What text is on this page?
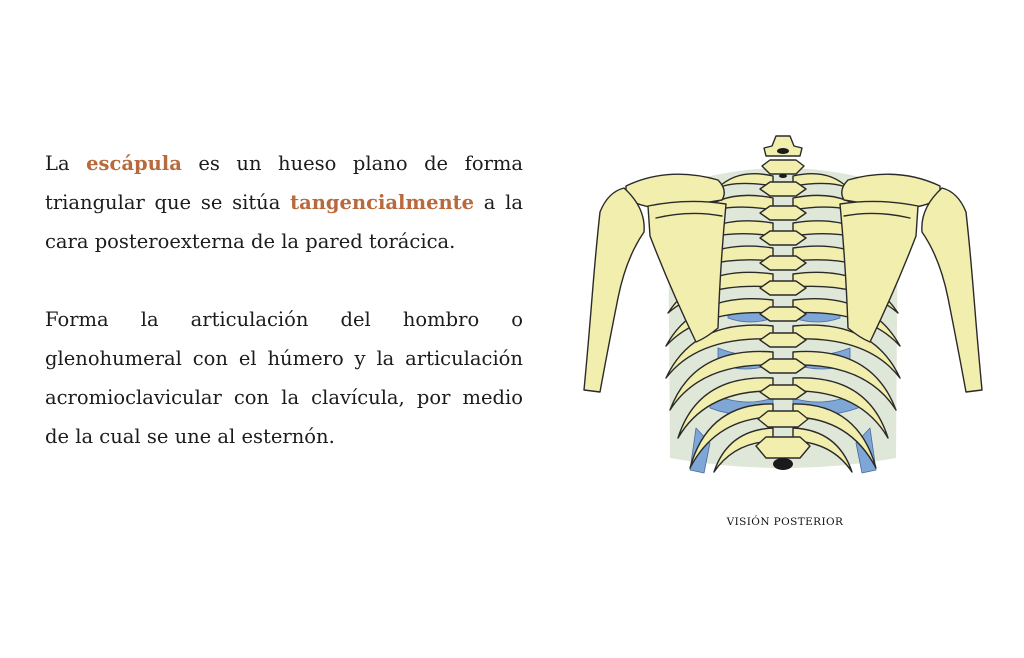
La escápula es un hueso plano de forma triangular que se sitúa tangencialmente a la cara posteroexterna de la pared torácica.

Forma la articulación del hombro o glenohumeral con el húmero y la articulación acromioclavicular con la clavícula, por medio de la cual se une al esternón.

VISIÓN POSTERIOR
